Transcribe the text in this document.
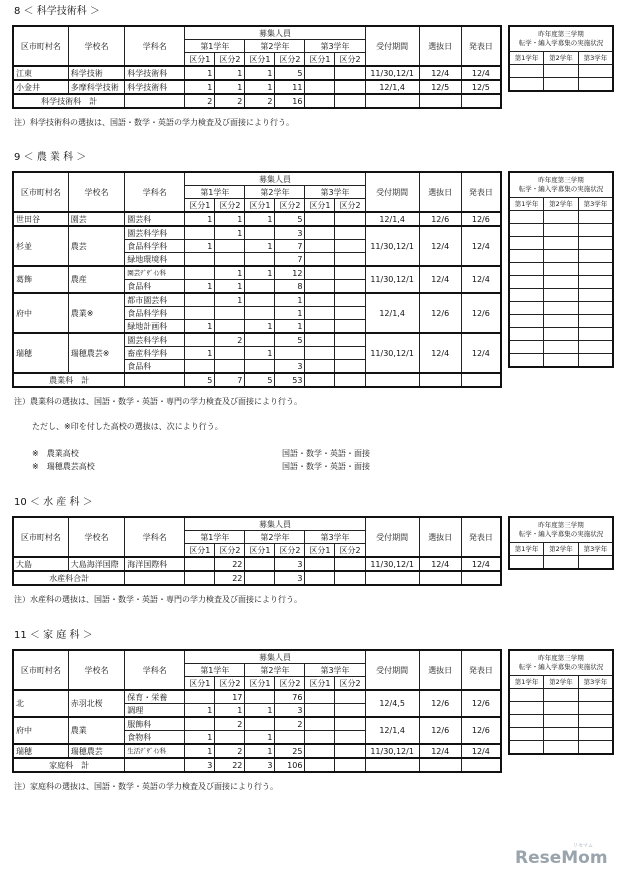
8 ＜ 科学技術科 ＞
区市町村名	学校名	学科名	募集人員						受付期間	選抜日	発表日
			第1学年		第2学年		第3学年				
			区分1	区分2	区分1	区分2	区分1	区分2			
江東	科学技術	科学技術科	1	1	1	5			11/30,12/1	12/4	12/4
小金井	多摩科学技術	科学技術科	1	1	1	11			12/1,4	12/5	12/5
科学技術科　計			2	2	2	16					
昨年度第三学期
転学・編入学募集の実施状況		

第1学年	第2学年	第3学年

注）科学技術科の選抜は、国語・数学・英語の学力検査及び面接により行う。
9 ＜ 農 業 科 ＞
区市町村名	学校名	学科名	募集人員						受付期間	選抜日	発表日
			第1学年		第2学年		第3学年				
			区分1	区分2	区分1	区分2	区分1	区分2			
世田谷	園芸	園芸科	1	1	1	5			12/1,4	12/6	12/6
杉並	農芸	園芸科学科		1		3			11/30,12/1	12/4	12/4
		食品科学科	1		1	7					
		緑地環境科				7					
葛飾	農産	園芸ﾃﾞｻﾞｲﾝ科		1	1	12			11/30,12/1	12/4	12/4
		食品科	1	1		8					
府中	農業※	都市園芸科		1		1			12/1,4	12/6	12/6
		食品科学科				1					
		緑地計画科	1		1	1					
瑞穂	瑞穂農芸※	園芸科学科		2		5			11/30,12/1	12/4	12/4
		畜産科学科	1		1						
		食品科				3					
農業科　計			5	7	5	53					
昨年度第三学期
転学・編入学募集の実施状況		

第1学年	第2学年	第3学年

注）農業科の選抜は、国語・数学・英語・専門の学力検査及び面接により行う。
ただし、※印を付した高校の選抜は、次により行う。
※　農業高校	国語・数学・英語・面接
※　瑞穂農芸高校	国語・数学・英語・面接
10 ＜ 水 産 科 ＞
区市町村名	学校名	学科名	募集人員						受付期間	選抜日	発表日
			第1学年		第2学年		第3学年				
			区分1	区分2	区分1	区分2	区分1	区分2			
大島	大島海洋国際	海洋国際科		22		3			11/30,12/1	12/4	12/4
水産科合計				22		3					
昨年度第三学期
転学・編入学募集の実施状況		

第1学年	第2学年	第3学年

注）水産科の選抜は、国語・数学・英語・専門の学力検査及び面接により行う。
11 ＜ 家 庭 科 ＞
区市町村名	学校名	学科名	募集人員						受付期間	選抜日	発表日
			第1学年		第2学年		第3学年				
			区分1	区分2	区分1	区分2	区分1	区分2			
北	赤羽北桜	保育・栄養		17		76			12/4,5	12/6	12/6
		調理	1	1	1	3					
府中	農業	服飾科		2		2			12/1,4	12/6	12/6
		食物科	1		1						
瑞穂	瑞穂農芸	生活ﾃﾞｻﾞｲﾝ科	1	2	1	25			11/30,12/1	12/4	12/4
家庭科　計			3	22	3	106					
昨年度第三学期
転学・編入学募集の実施状況		

第1学年	第2学年	第3学年

注）家庭科の選抜は、国語・数学・英語の学力検査及び面接により行う。
ReseMom
リセマム
